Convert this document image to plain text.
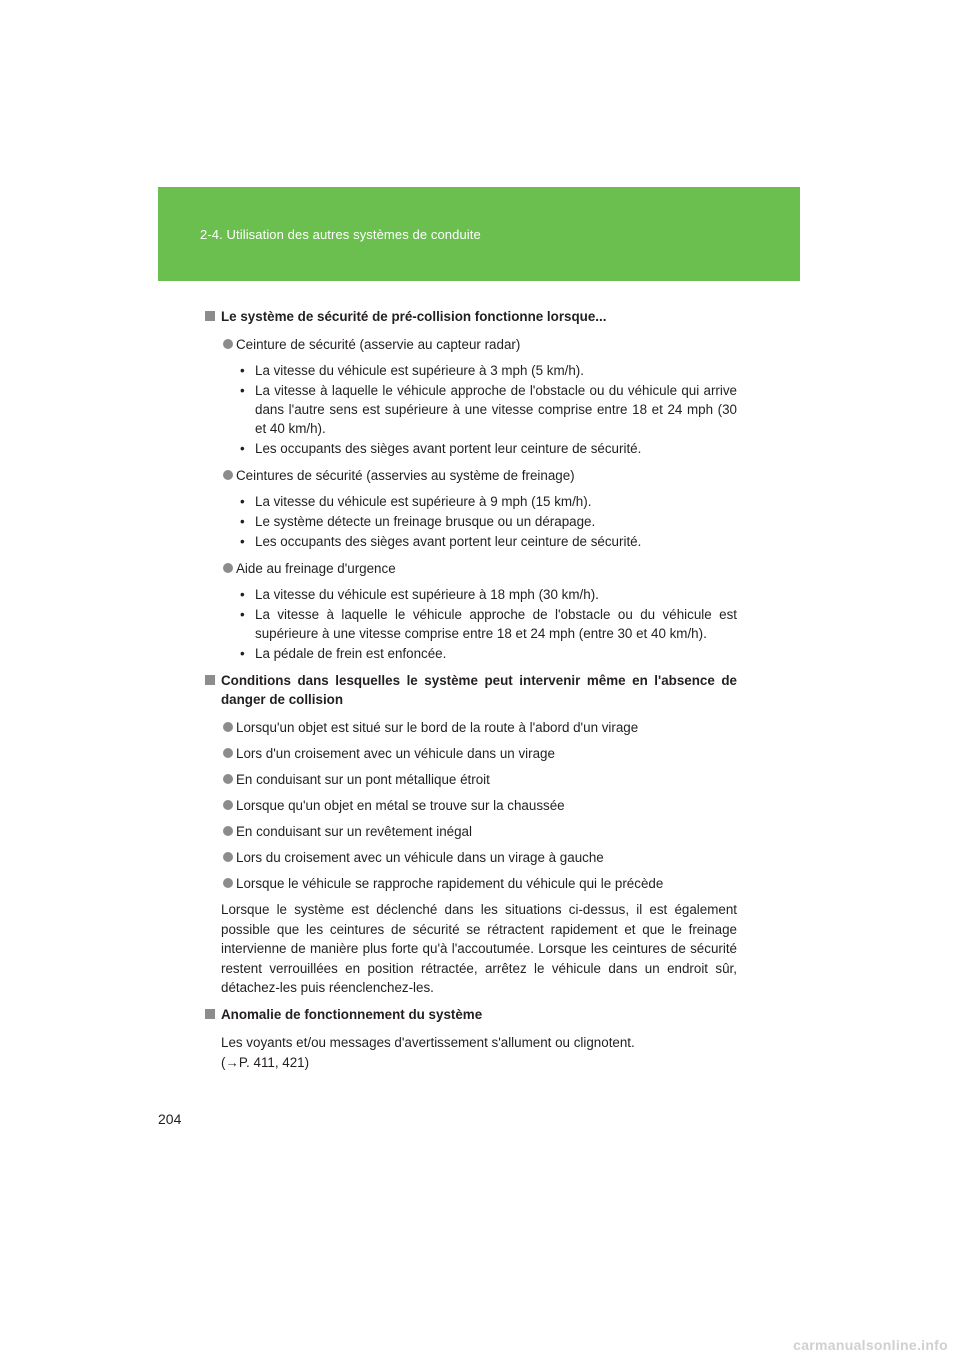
2-4. Utilisation des autres systèmes de conduite
Le système de sécurité de pré-collision fonctionne lorsque...
Ceinture de sécurité (asservie au capteur radar)
• La vitesse du véhicule est supérieure à 3 mph (5 km/h).
• La vitesse à laquelle le véhicule approche de l'obstacle ou du véhicule qui arrive dans l'autre sens est supérieure à une vitesse comprise entre 18 et 24 mph (30 et 40 km/h).
• Les occupants des sièges avant portent leur ceinture de sécurité.
Ceintures de sécurité (asservies au système de freinage)
• La vitesse du véhicule est supérieure à 9 mph (15 km/h).
• Le système détecte un freinage brusque ou un dérapage.
• Les occupants des sièges avant portent leur ceinture de sécurité.
Aide au freinage d'urgence
• La vitesse du véhicule est supérieure à 18 mph (30 km/h).
• La vitesse à laquelle le véhicule approche de l'obstacle ou du véhicule est supérieure à une vitesse comprise entre 18 et 24 mph (entre 30 et 40 km/h).
• La pédale de frein est enfoncée.
Conditions dans lesquelles le système peut intervenir même en l'absence de danger de collision
Lorsqu'un objet est situé sur le bord de la route à l'abord d'un virage
Lors d'un croisement avec un véhicule dans un virage
En conduisant sur un pont métallique étroit
Lorsque qu'un objet en métal se trouve sur la chaussée
En conduisant sur un revêtement inégal
Lors du croisement avec un véhicule dans un virage à gauche
Lorsque le véhicule se rapproche rapidement du véhicule qui le précède
Lorsque le système est déclenché dans les situations ci-dessus, il est également possible que les ceintures de sécurité se rétractent rapidement et que le freinage intervienne de manière plus forte qu'à l'accoutumée. Lorsque les ceintures de sécurité restent verrouillées en position rétractée, arrêtez le véhicule dans un endroit sûr, détachez-les puis réenclenchez-les.
Anomalie de fonctionnement du système
Les voyants et/ou messages d'avertissement s'allument ou clignotent.
(→P. 411, 421)
204
carmanualsonline.info
